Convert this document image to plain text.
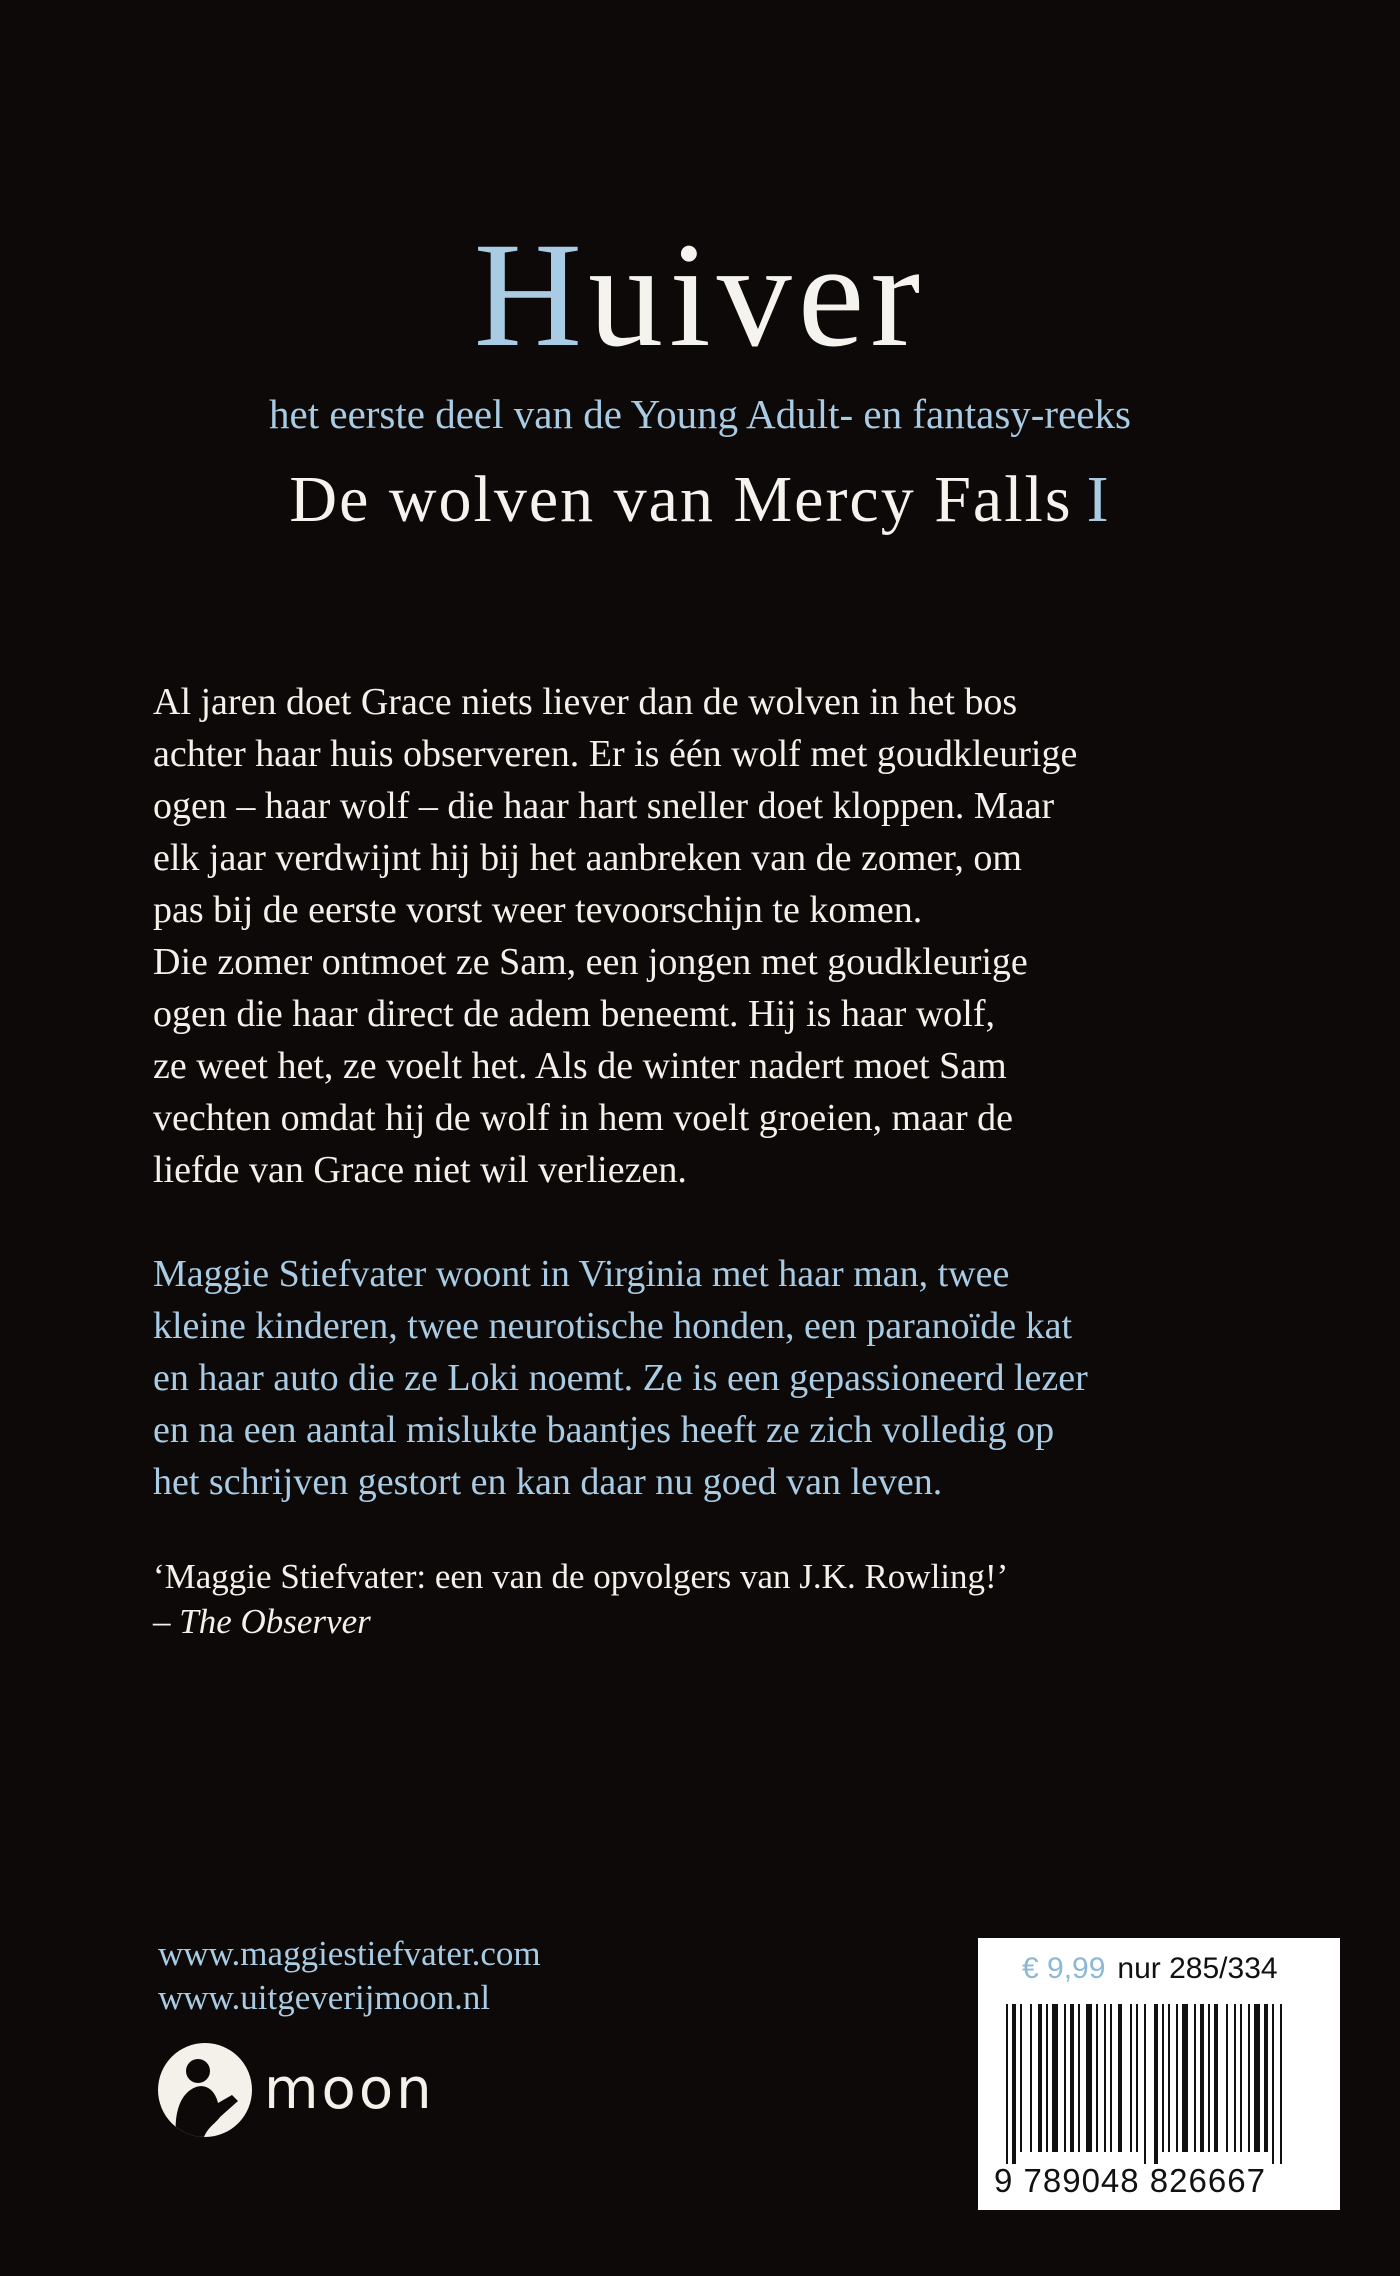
Huiver
het eerste deel van de Young Adult- en fantasy-reeks
De wolven van Mercy Falls I
Al jaren doet Grace niets liever dan de wolven in het bos
achter haar huis observeren. Er is één wolf met goudkleurige
ogen – haar wolf – die haar hart sneller doet kloppen. Maar
elk jaar verdwijnt hij bij het aanbreken van de zomer, om
pas bij de eerste vorst weer tevoorschijn te komen.
Die zomer ontmoet ze Sam, een jongen met goudkleurige
ogen die haar direct de adem beneemt. Hij is haar wolf,
ze weet het, ze voelt het. Als de winter nadert moet Sam
vechten omdat hij de wolf in hem voelt groeien, maar de
liefde van Grace niet wil verliezen.
Maggie Stiefvater woont in Virginia met haar man, twee
kleine kinderen, twee neurotische honden, een paranoïde kat
en haar auto die ze Loki noemt. Ze is een gepassioneerd lezer
en na een aantal mislukte baantjes heeft ze zich volledig op
het schrijven gestort en kan daar nu goed van leven.
‘Maggie Stiefvater: een van de opvolgers van J.K. Rowling!’
– The Observer
www.maggiestiefvater.com
www.uitgeverijmoon.nl
moon
€ 9,99 nur 285/334
9 789048 826667
